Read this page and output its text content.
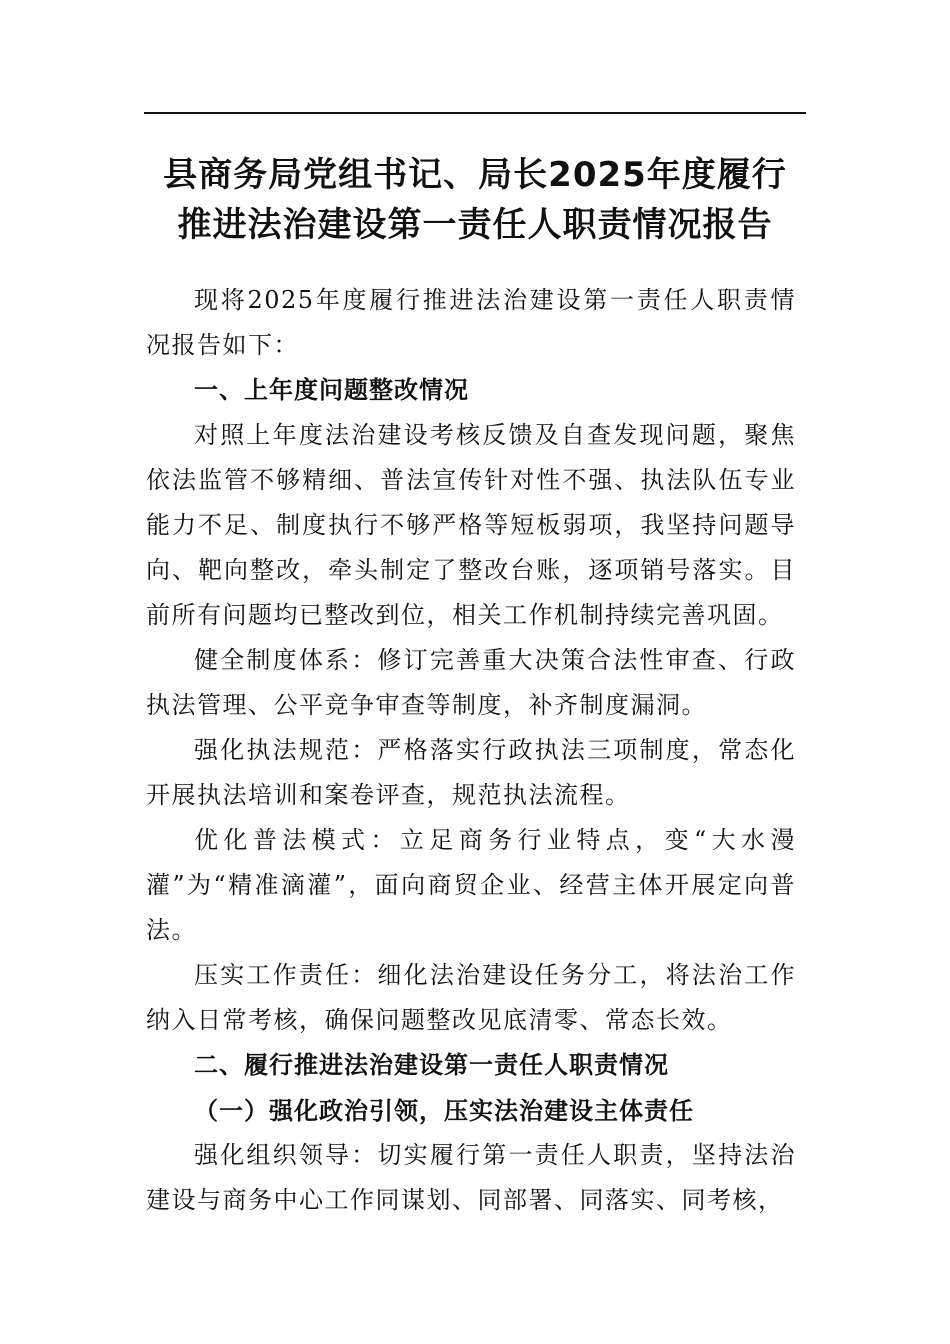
县商务局党组书记、局长2025年度履行
推进法治建设第一责任人职责情况报告

现将2025年度履行推进法治建设第一责任人职责情况报告如下：

一、上年度问题整改情况

对照上年度法治建设考核反馈及自查发现问题，聚焦依法监管不够精细、普法宣传针对性不强、执法队伍专业能力不足、制度执行不够严格等短板弱项，我坚持问题导向、靶向整改，牵头制定了整改台账，逐项销号落实。目前所有问题均已整改到位，相关工作机制持续完善巩固。

健全制度体系：修订完善重大决策合法性审查、行政执法管理、公平竞争审查等制度，补齐制度漏洞。

强化执法规范：严格落实行政执法三项制度，常态化开展执法培训和案卷评查，规范执法流程。

优化普法模式：立足商务行业特点，变“大水漫灌”为“精准滴灌”，面向商贸企业、经营主体开展定向普法。

压实工作责任：细化法治建设任务分工，将法治工作纳入日常考核，确保问题整改见底清零、常态长效。

二、履行推进法治建设第一责任人职责情况
（一）强化政治引领，压实法治建设主体责任

强化组织领导：切实履行第一责任人职责，坚持法治建设与商务中心工作同谋划、同部署、同落实、同考核，
